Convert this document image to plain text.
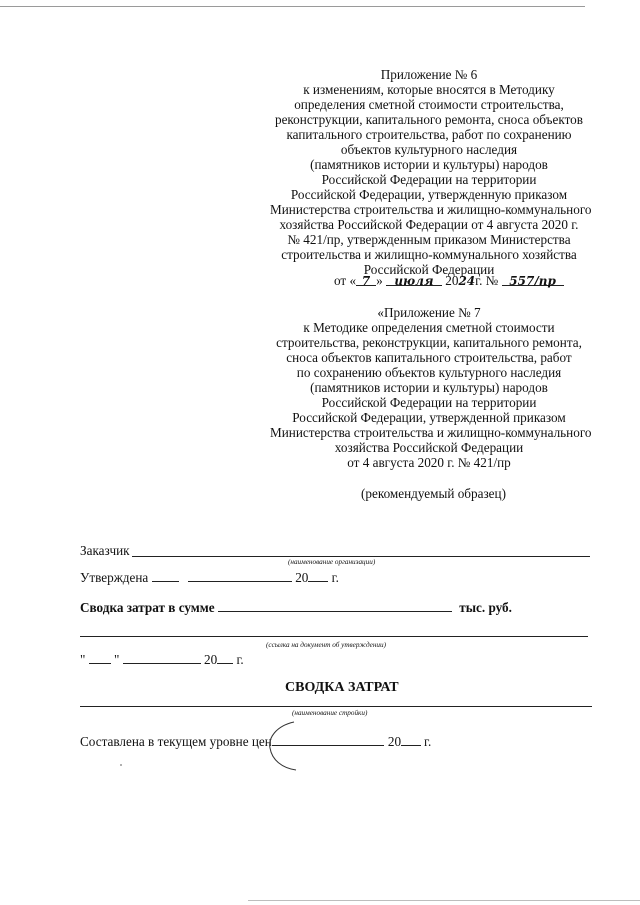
Приложение № 6
к изменениям, которые вносятся в Методику
определения сметной стоимости строительства,
реконструкции, капитального ремонта, сноса объектов
капитального строительства, работ по сохранению
объектов культурного наследия
(памятников истории и культуры) народов
Российской Федерации на территории
Российской Федерации, утвержденную приказом
Министерства строительства и жилищно-коммунального
хозяйства Российской Федерации от 4 августа 2020 г.
№ 421/пр, утвержденным приказом Министерства
строительства и жилищно-коммунального хозяйства
Российской Федерации
от « 7 » июля 2024г. № 557/пр
«Приложение № 7
к Методике определения сметной стоимости
строительства, реконструкции, капитального ремонта,
сноса объектов капитального строительства, работ
по сохранению объектов культурного наследия
(памятников истории и культуры) народов
Российской Федерации на территории
Российской Федерации, утвержденной приказом
Министерства строительства и жилищно-коммунального
хозяйства Российской Федерации
от 4 августа 2020 г. № 421/пр
(рекомендуемый образец)
Заказчик
(наименование организации)
Утверждена	20 г.
Сводка затрат в сумме	тыс. руб.
(ссылка на документ об утверждении)
" "	20 г.
СВОДКА ЗАТРАТ
(наименование стройки)
Составлена в текущем уровне цен	20 г.
